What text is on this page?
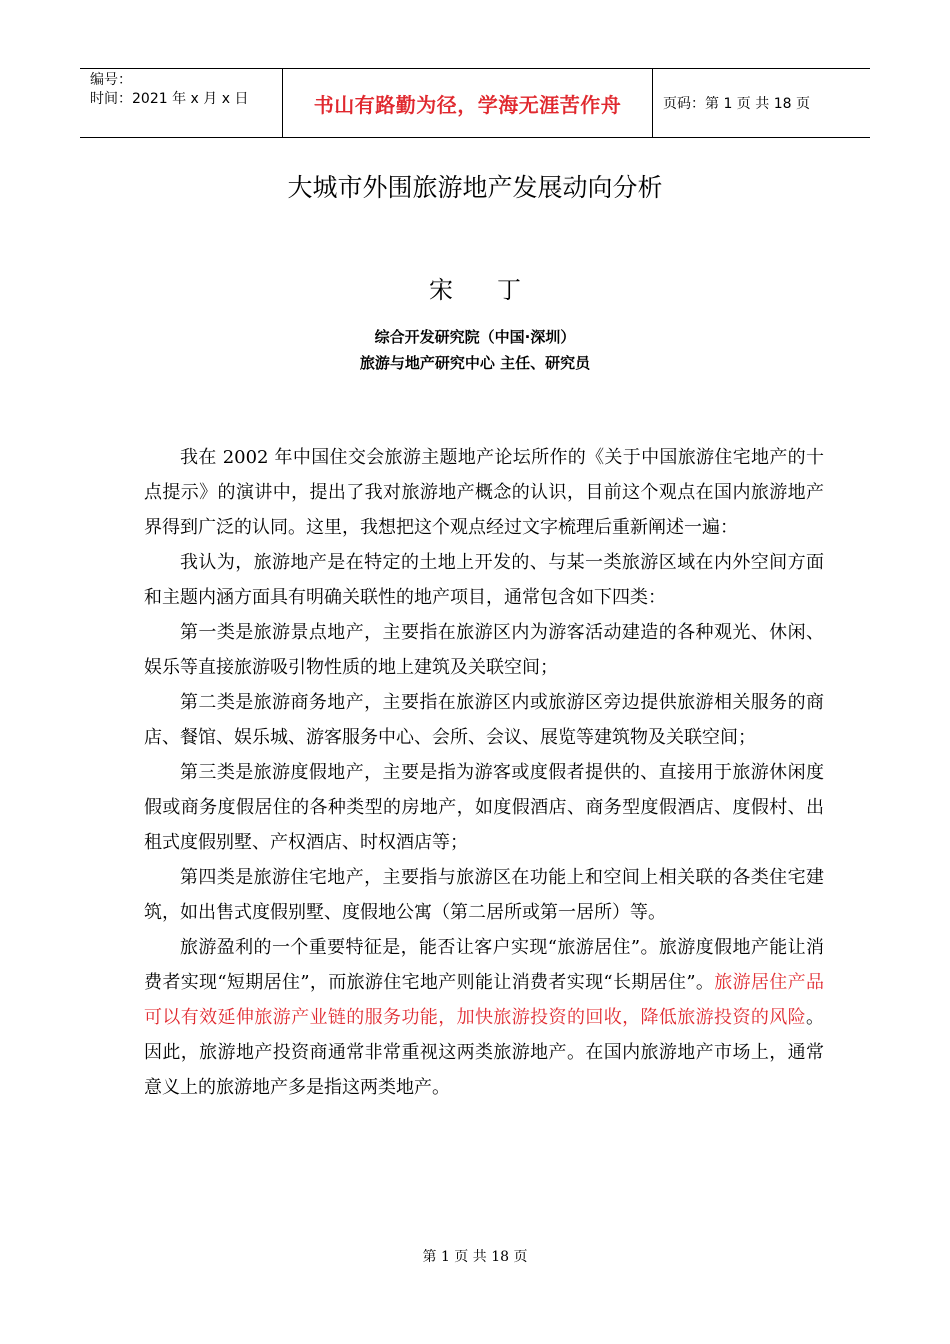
编号：
时间：2021 年 x 月 x 日	书山有路勤为径，学海无涯苦作舟	页码：第 1 页 共 18 页
大城市外围旅游地产发展动向分析
宋丁
综合开发研究院（中国·深圳）
旅游与地产研究中心 主任、研究员

我在 2002 年中国住交会旅游主题地产论坛所作的《关于中国旅游住宅地产的十点提示》的演讲中，提出了我对旅游地产概念的认识，目前这个观点在国内旅游地产界得到广泛的认同。这里，我想把这个观点经过文字梳理后重新阐述一遍：

我认为，旅游地产是在特定的土地上开发的、与某一类旅游区域在内外空间方面和主题内涵方面具有明确关联性的地产项目，通常包含如下四类：

第一类是旅游景点地产，主要指在旅游区内为游客活动建造的各种观光、休闲、娱乐等直接旅游吸引物性质的地上建筑及关联空间；

第二类是旅游商务地产，主要指在旅游区内或旅游区旁边提供旅游相关服务的商店、餐馆、娱乐城、游客服务中心、会所、会议、展览等建筑物及关联空间；

第三类是旅游度假地产，主要是指为游客或度假者提供的、直接用于旅游休闲度假或商务度假居住的各种类型的房地产，如度假酒店、商务型度假酒店、度假村、出租式度假别墅、产权酒店、时权酒店等；

第四类是旅游住宅地产，主要指与旅游区在功能上和空间上相关联的各类住宅建筑，如出售式度假别墅、度假地公寓（第二居所或第一居所）等。

旅游盈利的一个重要特征是，能否让客户实现“旅游居住”。旅游度假地产能让消费者实现“短期居住”，而旅游住宅地产则能让消费者实现“长期居住”。旅游居住产品可以有效延伸旅游产业链的服务功能，加快旅游投资的回收，降低旅游投资的风险。因此，旅游地产投资商通常非常重视这两类旅游地产。在国内旅游地产市场上，通常意义上的旅游地产多是指这两类地产。

第 1 页 共 18 页
